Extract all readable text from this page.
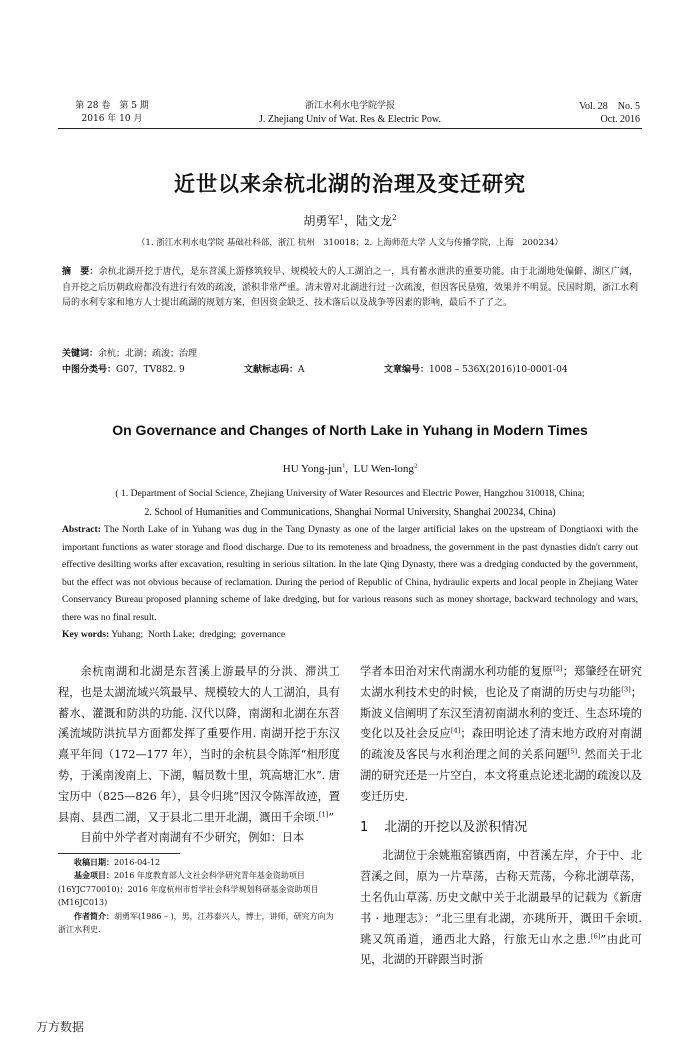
第 28 卷　第 5 期
2016 年 10 月
浙江水利水电学院学报
J. Zhejiang Univ of Wat. Res & Electric Pow.
Vol. 28　No. 5
Oct. 2016
近世以来余杭北湖的治理及变迁研究
胡勇军$^1$，陆文龙$^2$
（1. 浙江水利水电学院 基础社科部，浙江 杭州　310018；2. 上海师范大学 人文与传播学院，上海　200234）
摘　要：余杭北湖开挖于唐代，是东苕溪上游修筑较早、规模较大的人工湖泊之一，具有蓄水泄洪的重要功能。由于北湖地处偏僻、湖区广阔，自开挖之后历朝政府都没有进行有效的疏浚，淤积非常严重。清末曾对北湖进行过一次疏浚，但因客民垦殖，效果并不明显。民国时期，浙江水利局的水利专家和地方人士提出疏湖的规划方案，但因资金缺乏、技术落后以及战争等因素的影响，最后不了了之。
关键词：余杭；北湖；疏浚；治理
中图分类号：G07，TV882. 9	文献标志码：A	文章编号：1008 – 536X(2016)10-0001-04
On Governance and Changes of North Lake in Yuhang in Modern Times
HU Yong-jun$^1$,  LU Wen-long$^2$
( 1. Department of Social Science, Zhejiang University of Water Resources and Electric Power, Hangzhou 310018, China;
2. School of Humanities and Communications, Shanghai Normal University, Shanghai 200234, China)
Abstract: The North Lake of in Yuhang was dug in the Tang Dynasty as one of the larger artificial lakes on the upstream of Dongtiaoxi with the important functions as water storage and flood discharge. Due to its remoteness and broadness, the government in the past dynasties didn't carry out effective desilting works after excavation, resulting in serious siltation. In the late Qing Dynasty, there was a dredging conducted by the government, but the effect was not obvious because of reclamation. During the period of Republic of China, hydraulic experts and local people in Zhejiang Water Conservancy Bureau proposed planning scheme of lake dredging, but for various reasons such as money shortage, backward technology and wars, there was no final result.
Key words: Yuhang;  North Lake;  dredging;  governance

余杭南湖和北湖是东苕溪上游最早的分洪、滞洪工程，也是太湖流域兴筑最早、规模较大的人工湖泊，具有蓄水、灌溉和防洪的功能. 汉代以降，南湖和北湖在东苕溪流域防洪抗旱方面都发挥了重要作用. 南湖开挖于东汉熹平年间（172—177 年），当时的余杭县令陈浑“相形度势，于溪南浚南上、下湖，幅员数十里，筑高塘汇水”. 唐宝历中（825—826 年），县令归珧“因汉令陈浑故迹，置县南、县西二湖，又于县北二里开北湖，溉田千余顷.[1]”

目前中外学者对南湖有不少研究，例如：日本

收稿日期：2016-04-12
基金项目：2016 年度教育部人文社会科学研究青年基金资助项目(16YJC770010)；2016 年度杭州市哲学社会科学规划科研基金资助项目(M16JC013)
作者简介：胡勇军(1986 – )，男，江苏泰兴人，博士，讲师，研究方向为浙江水利史.

学者本田治对宋代南湖水利功能的复原[2]；郑肇经在研究太湖水利技术史的时候，也论及了南湖的历史与功能[3]；斯波义信阐明了东汉至清初南湖水利的变迁、生态环境的变化以及社会反应[4]；森田明论述了清末地方政府对南湖的疏浚及客民与水利治理之间的关系问题[5]. 然而关于北湖的研究还是一片空白，本文将重点论述北湖的疏浚以及变迁历史.

1 北湖的开挖以及淤积情况

北湖位于余姚瓶窑镇西南，中苕溪左岸，介于中、北苕溪之间，原为一片草荡，古称天荒荡，今称北湖草荡，土名仇山草荡. 历史文献中关于北湖最早的记载为《新唐书 · 地理志》：“北三里有北湖，亦珧所开，溉田千余顷. 珧又筑甬道，通西北大路，行旅无山水之患.[6]”由此可见，北湖的开辟跟当时浙

万方数据
